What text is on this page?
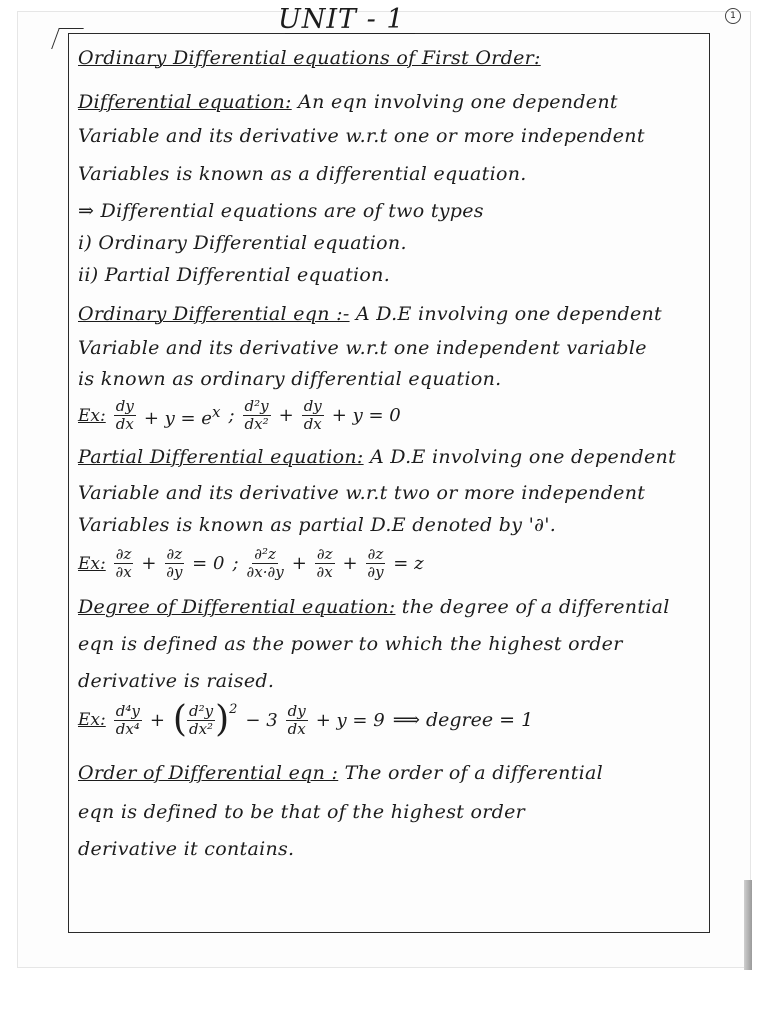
1
UNIT - 1
Ordinary Differential equations of First Order:
Differential equation: An eqn involving one dependent
Variable and its derivative w.r.t one or more independent
Variables is known as a differential equation.
⇒ Differential equations are of two types
i) Ordinary Differential equation.
ii) Partial Differential equation.
Ordinary Differential eqn :- A D.E involving one dependent
Variable and its derivative w.r.t one independent variable
is known as ordinary differential equation.
Ex: $\frac{dy}{dx} + y = e^x$ ; $\frac{\text{d²y}}{\text{dx²}} + \frac{dy}{dx} + y = 0$
Partial Differential equation: A D.E involving one dependent
Variable and its derivative w.r.t two or more independent
Variables is known as partial D.E denoted by '∂'.
Ex: $\frac{\partial z}{\partial x} + \frac{\partial z}{\partial y} = 0$ ; $\frac{\text{∂²z}}{\partial x\cdot\partial y} + \frac{\partial z}{\partial x} + \frac{\partial z}{\partial y} = z$
Degree of Differential equation: the degree of a differential
eqn is defined as the power to which the highest order
derivative is raised.
Ex: $\frac{\text{d⁴y}}{\text{dx⁴}}$ + ( $\frac{\text{d²y}}{\text{dx²}} )^2 - 3 \frac{dy}{dx} + y = 9$ ⟹ degree = 1
Order of Differential eqn : The order of a differential
eqn is defined to be that of the highest order
derivative it contains.
